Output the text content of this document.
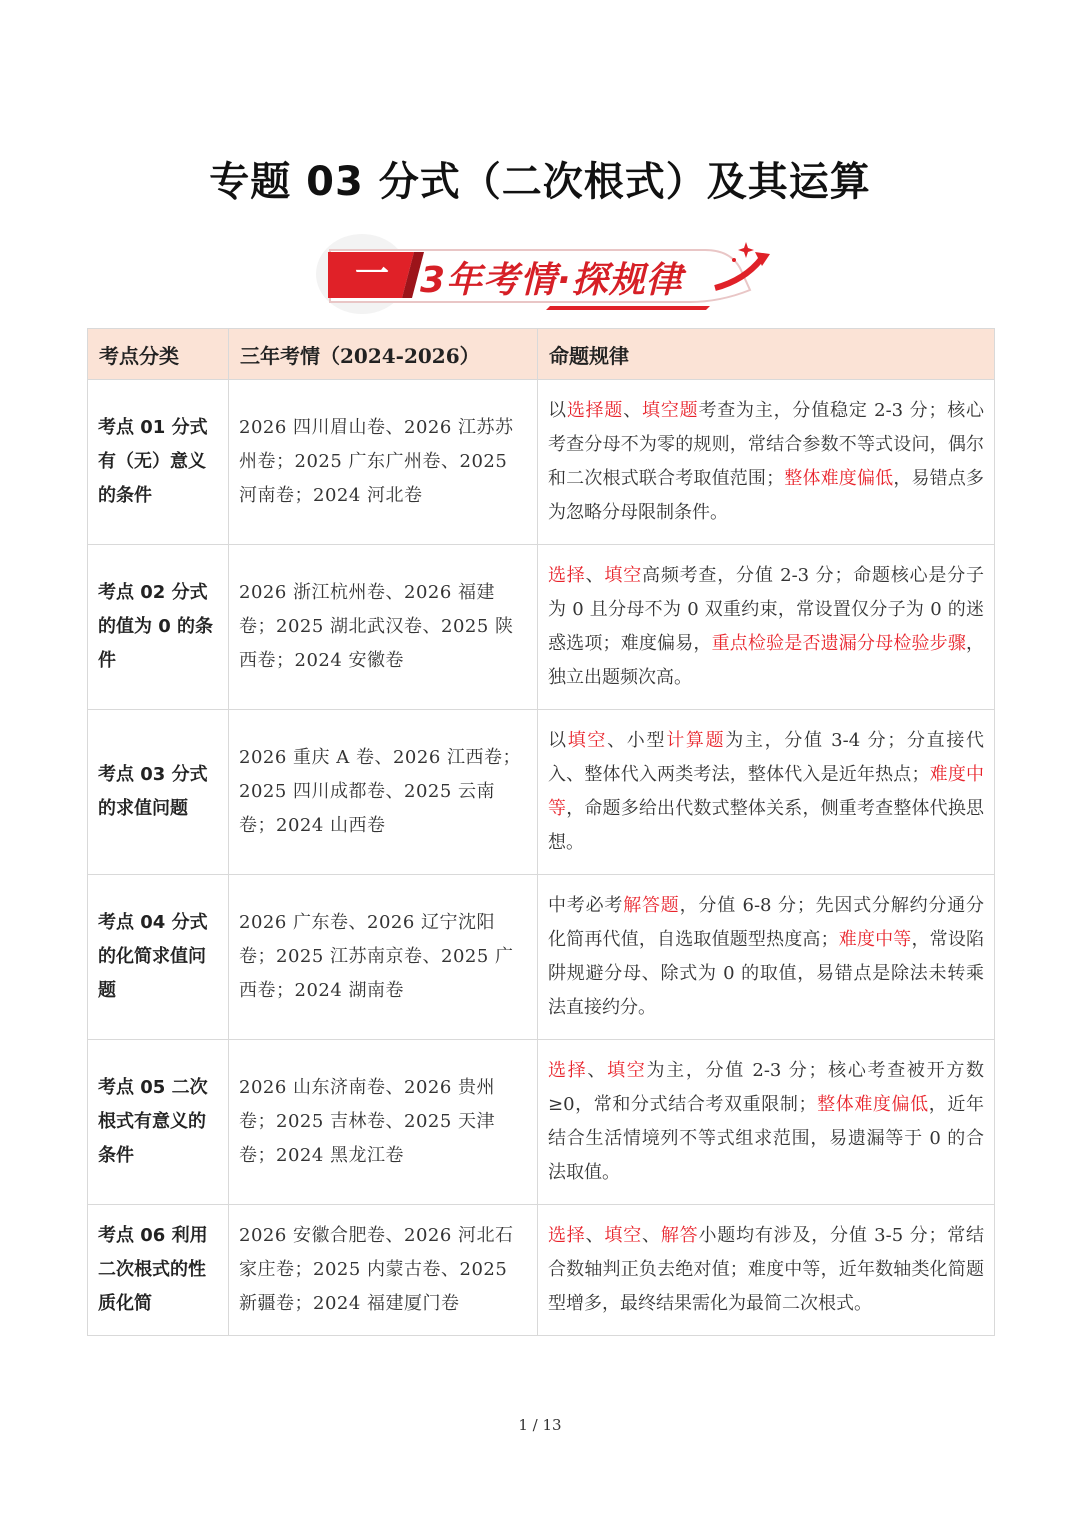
专题 03 分式（二次根式）及其运算
一 3年考情·探规律
考点分类	三年考情（2024-2026）	命题规律
考点 01 分式有（无）意义的条件	2026 四川眉山卷、2026 江苏苏州卷；2025 广东广州卷、2025 河南卷；2024 河北卷	以选择题、填空题考查为主，分值稳定 2-3 分；核心考查分母不为零的规则，常结合参数不等式设问，偶尔和二次根式联合考取值范围；整体难度偏低，易错点多为忽略分母限制条件。
考点 02 分式的值为 0 的条件	2026 浙江杭州卷、2026 福建卷；2025 湖北武汉卷、2025 陕西卷；2024 安徽卷	选择、填空高频考查，分值 2-3 分；命题核心是分子为 0 且分母不为 0 双重约束，常设置仅分子为 0 的迷惑选项；难度偏易，重点检验是否遗漏分母检验步骤，独立出题频次高。
考点 03 分式的求值问题	2026 重庆 A 卷、2026 江西卷；2025 四川成都卷、2025 云南卷；2024 山西卷	以填空、小型计算题为主，分值 3-4 分；分直接代入、整体代入两类考法，整体代入是近年热点；难度中等，命题多给出代数式整体关系，侧重考查整体代换思想。
考点 04 分式的化简求值问题	2026 广东卷、2026 辽宁沈阳卷；2025 江苏南京卷、2025 广西卷；2024 湖南卷	中考必考解答题，分值 6-8 分；先因式分解约分通分化简再代值，自选取值题型热度高；难度中等，常设陷阱规避分母、除式为 0 的取值，易错点是除法未转乘法直接约分。
考点 05 二次根式有意义的条件	2026 山东济南卷、2026 贵州卷；2025 吉林卷、2025 天津卷；2024 黑龙江卷	选择、填空为主，分值 2-3 分；核心考查被开方数≥0，常和分式结合考双重限制；整体难度偏低，近年结合生活情境列不等式组求范围，易遗漏等于 0 的合法取值。
考点 06 利用二次根式的性质化简	2026 安徽合肥卷、2026 河北石家庄卷；2025 内蒙古卷、2025 新疆卷；2024 福建厦门卷	选择、填空、解答小题均有涉及，分值 3-5 分；常结合数轴判正负去绝对值；难度中等，近年数轴类化简题型增多，最终结果需化为最简二次根式。
1 / 13
